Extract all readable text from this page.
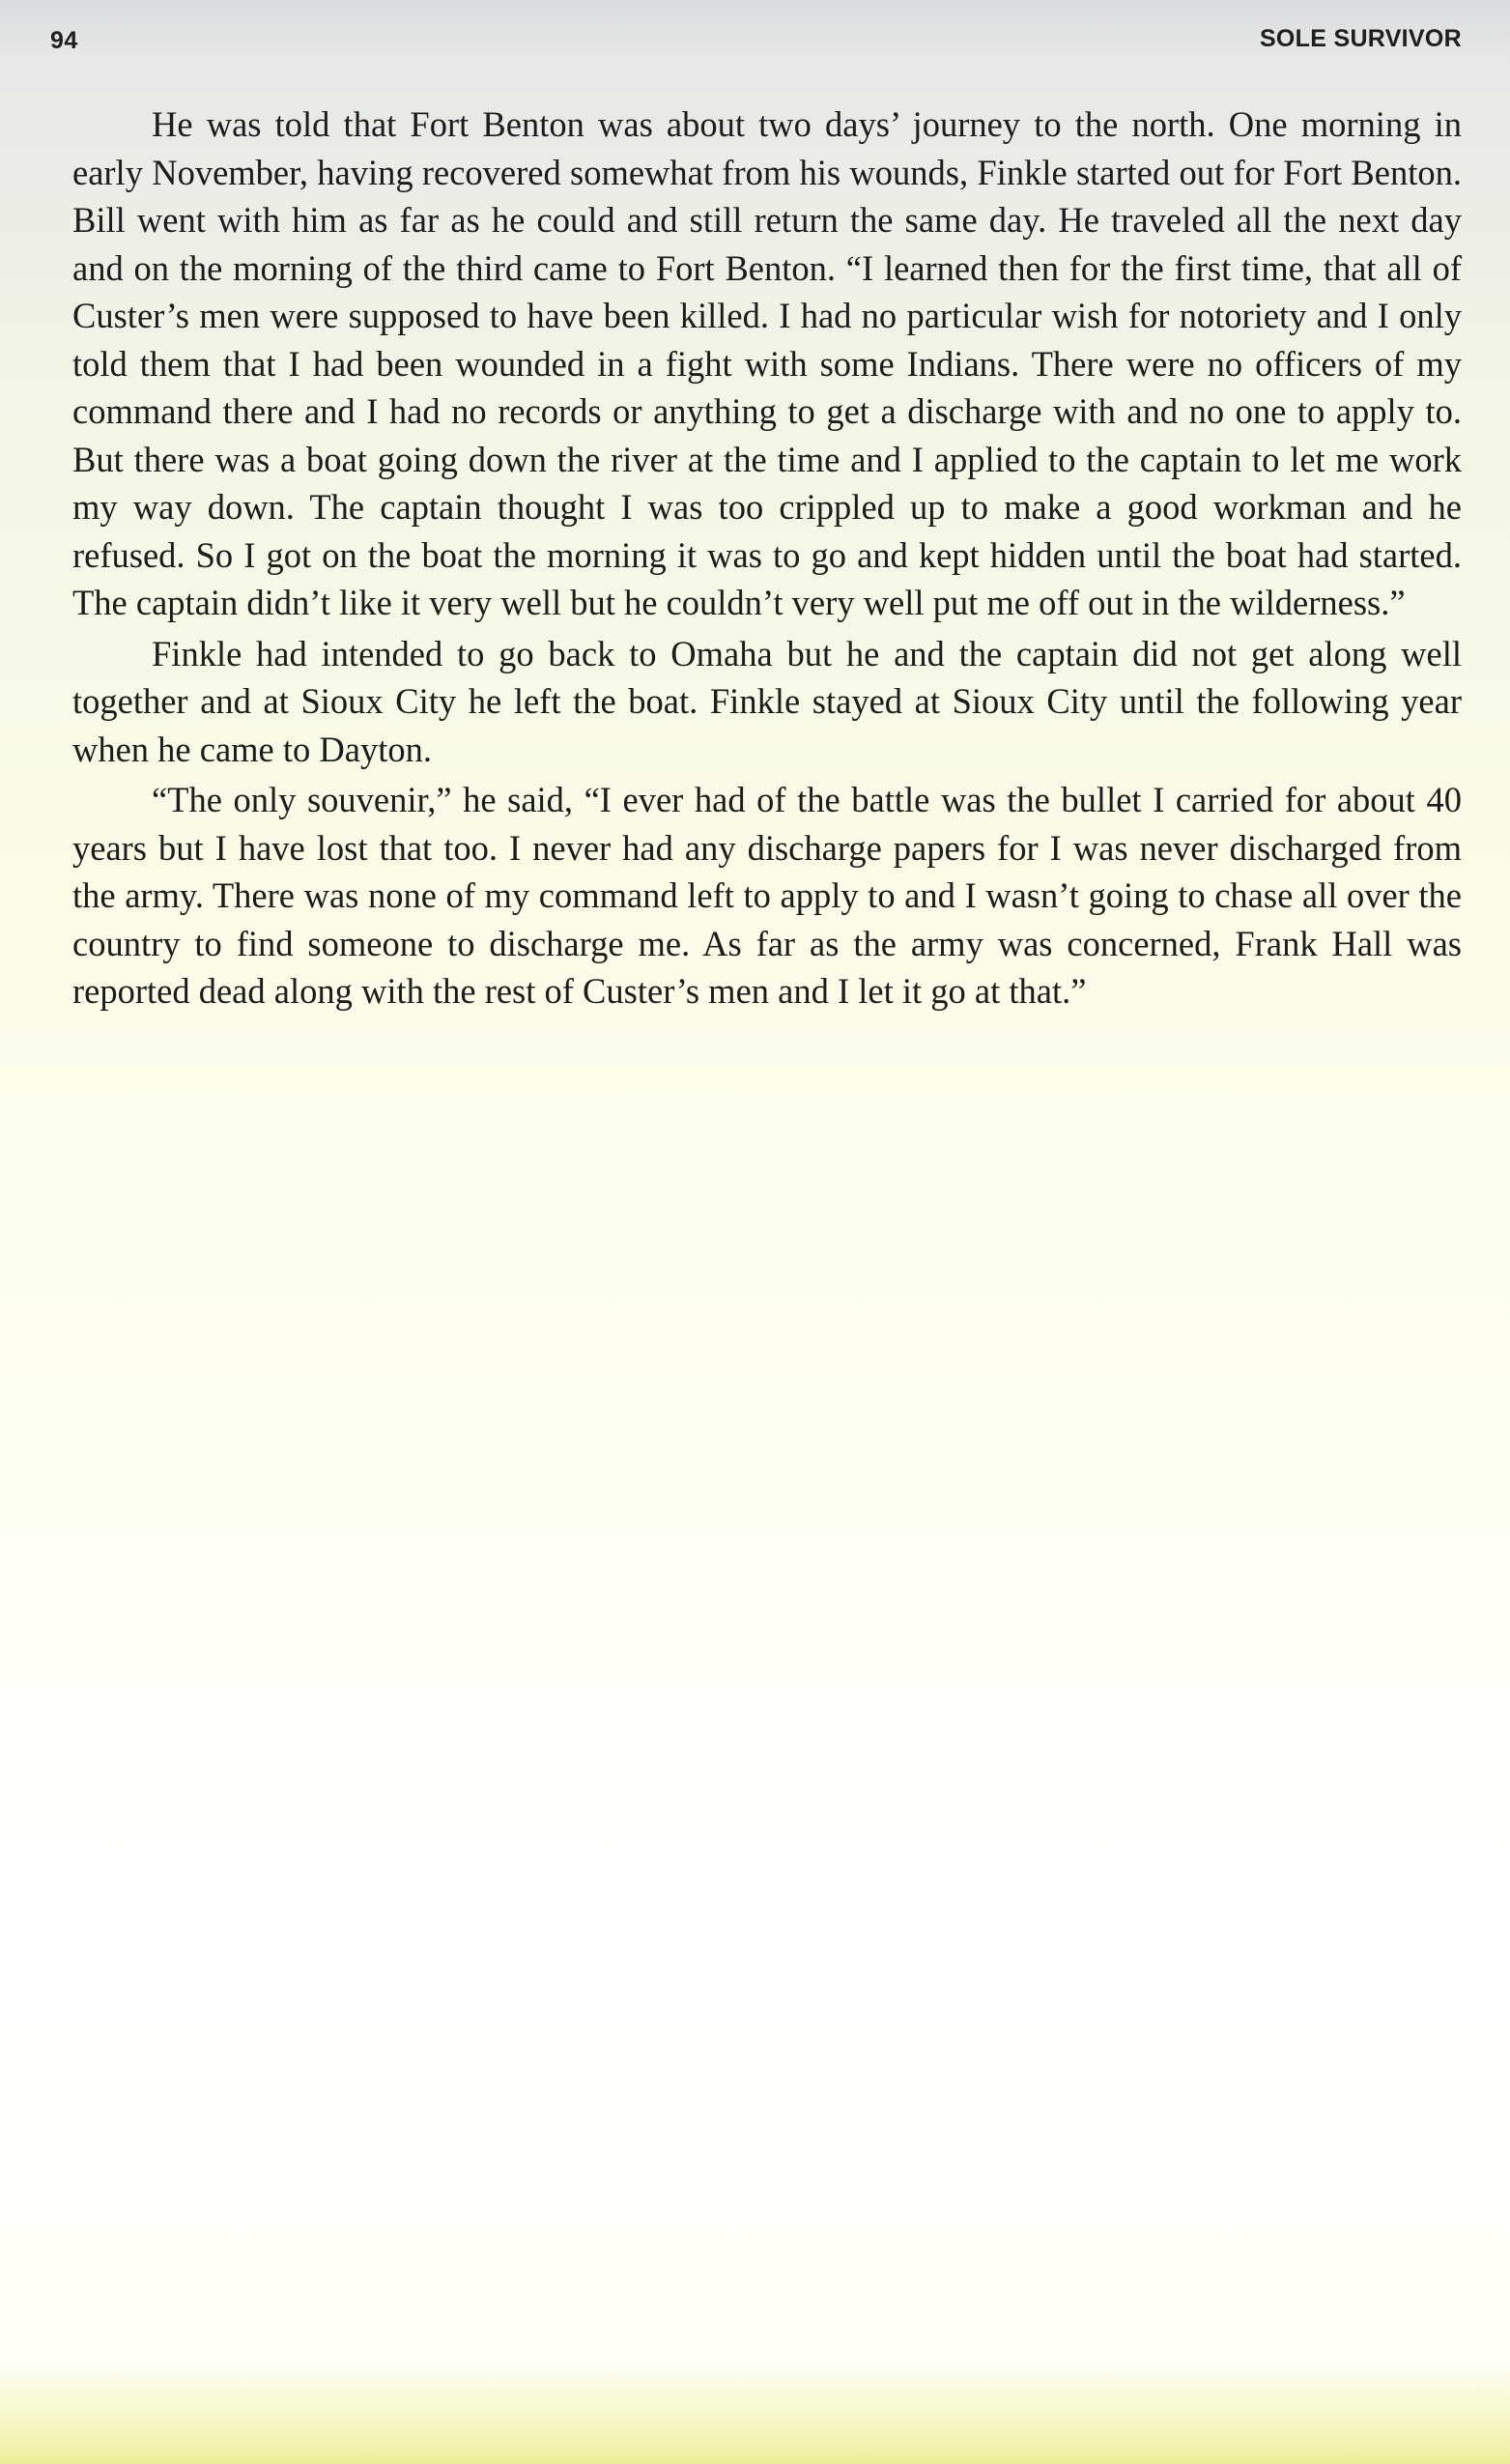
94	SOLE SURVIVOR

He was told that Fort Benton was about two days’ journey to the north. One morning in early November, having recovered somewhat from his wounds, Finkle started out for Fort Benton. Bill went with him as far as he could and still return the same day. He traveled all the next day and on the morning of the third came to Fort Benton. “I learned then for the first time, that all of Custer’s men were supposed to have been killed. I had no particular wish for notoriety and I only told them that I had been wounded in a fight with some Indians. There were no officers of my command there and I had no records or anything to get a discharge with and no one to apply to. But there was a boat going down the river at the time and I applied to the captain to let me work my way down. The captain thought I was too crippled up to make a good workman and he refused. So I got on the boat the morning it was to go and kept hidden until the boat had started. The captain didn’t like it very well but he couldn’t very well put me off out in the wilderness.”

Finkle had intended to go back to Omaha but he and the captain did not get along well together and at Sioux City he left the boat. Finkle stayed at Sioux City until the following year when he came to Dayton.

“The only souvenir,” he said, “I ever had of the battle was the bullet I carried for about 40 years but I have lost that too. I never had any discharge papers for I was never discharged from the army. There was none of my command left to apply to and I wasn’t going to chase all over the country to find someone to discharge me. As far as the army was concerned, Frank Hall was reported dead along with the rest of Custer’s men and I let it go at that.”
